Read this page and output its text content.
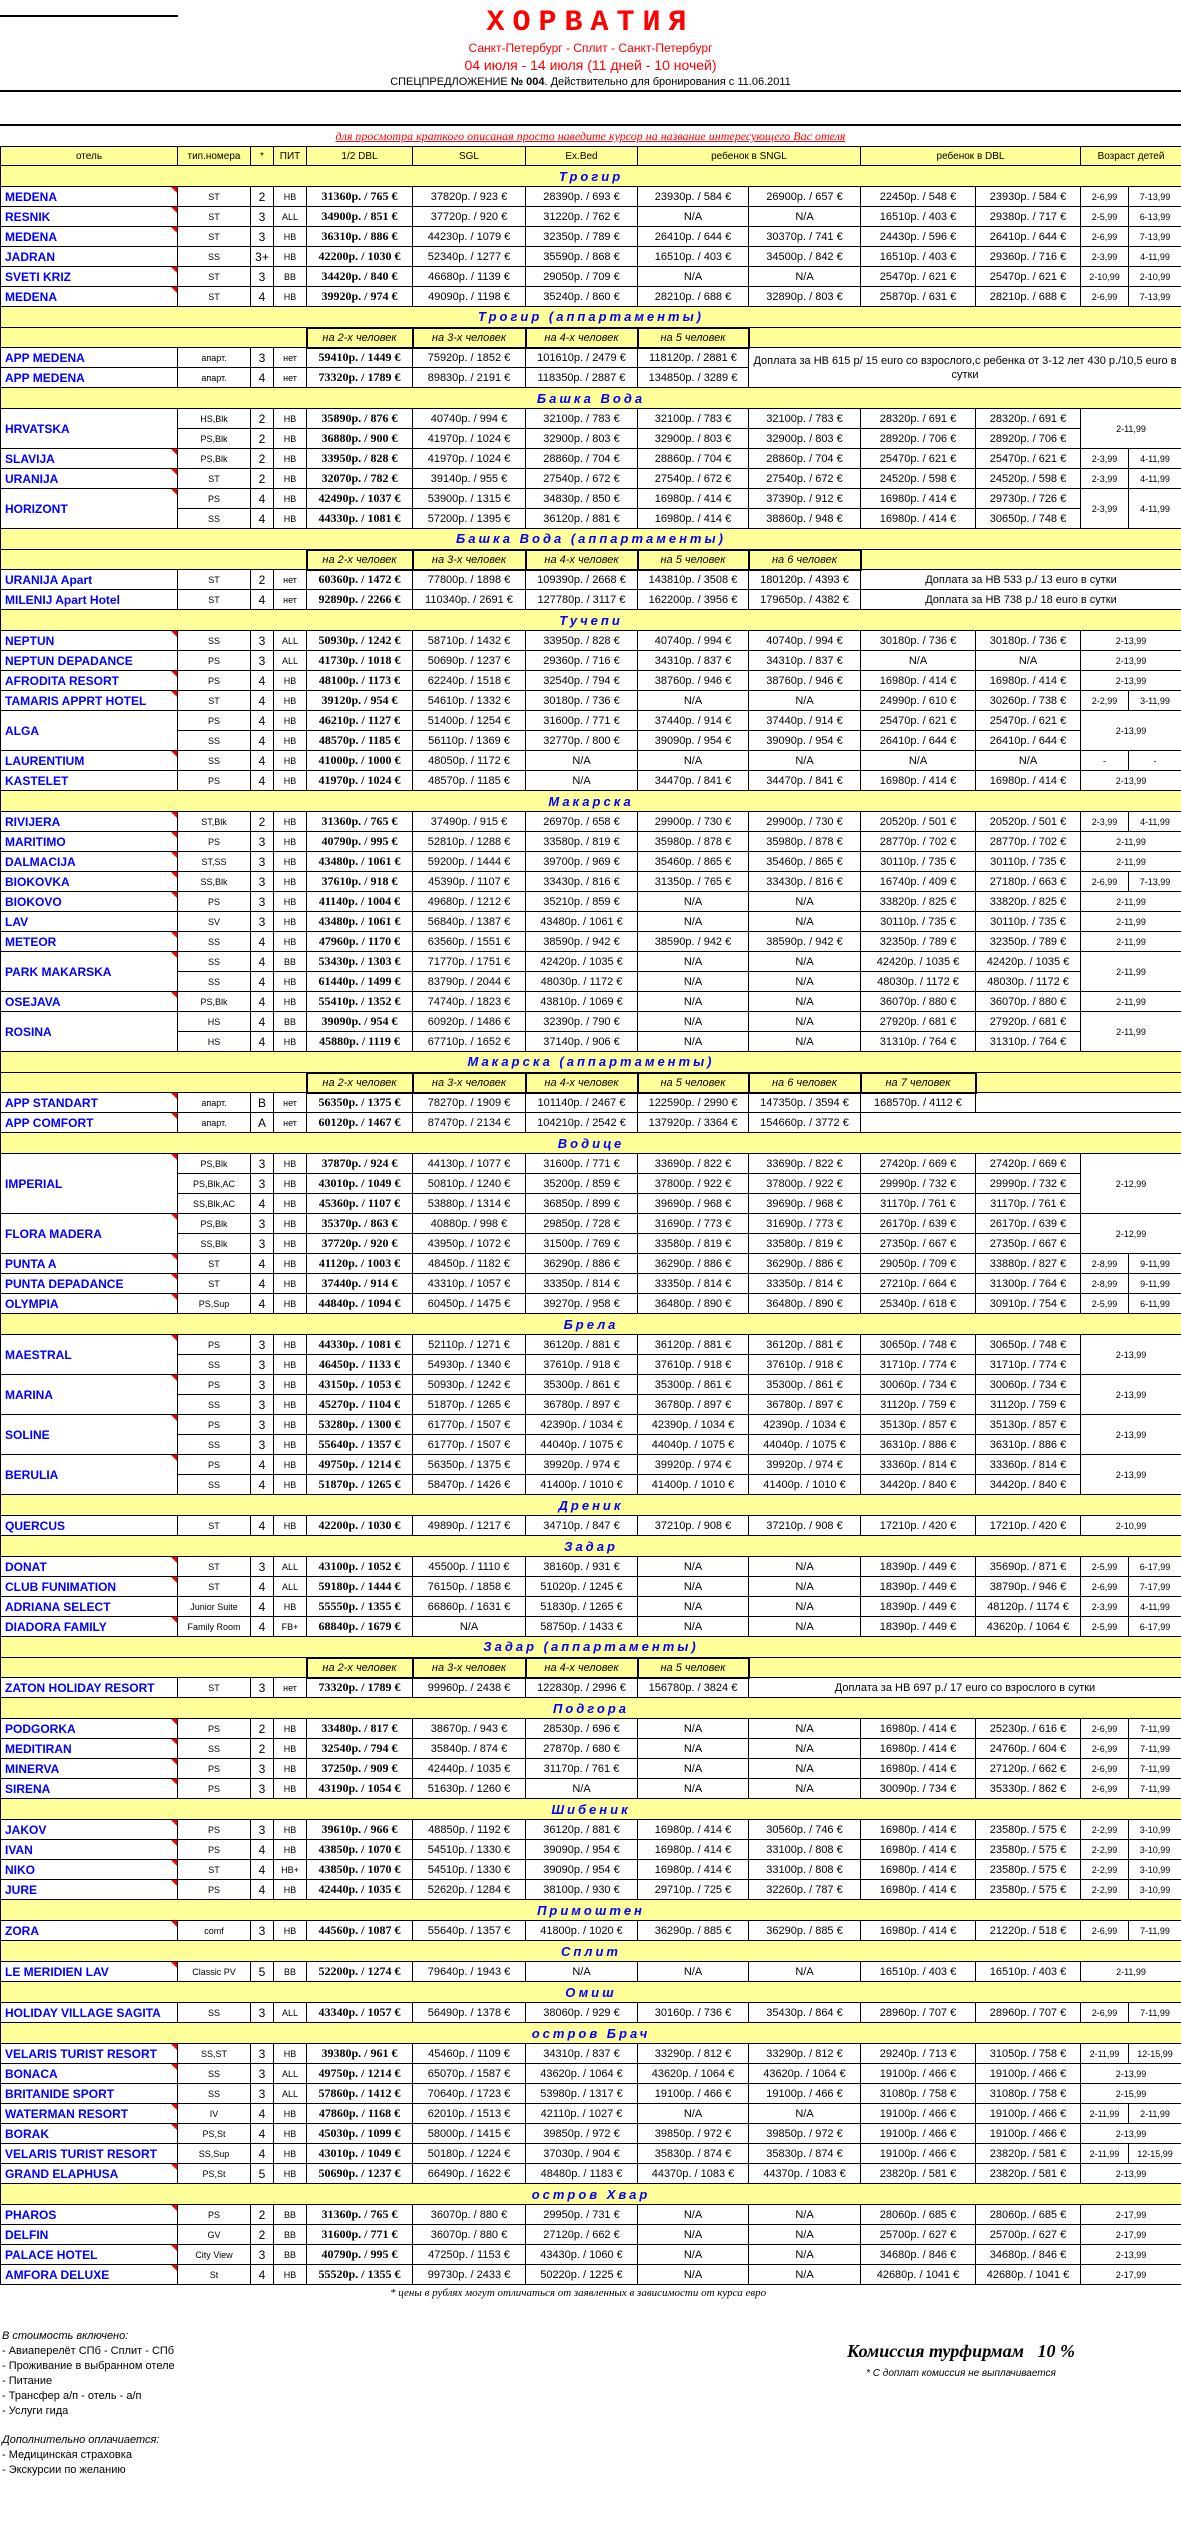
ХОРВАТИЯ
Санкт-Петербург - Сплит - Санкт-Петербург
04 июля - 14 июля (11 дней - 10 ночей)
СПЕЦПРЕДЛОЖЕНИЕ № 004. Действительно для бронирования с 11.06.2011
для просмотра краткого описаная просто наведите курсор на название интересующего Вас отеля
отель	тип.номера	*	ПИТ	1/2 DBL	SGL	Ex.Bed	ребенок в SNGL		ребенок в DBL		Возраст детей	
Трогир												
MEDENA	ST	2	HB	31360р. / 765 €	37820р. / 923 €	28390р. / 693 €	23930р. / 584 €	26900р. / 657 €	22450р. / 548 €	23930р. / 584 €	2-6,99	7-13,99
RESNIK	ST	3	ALL	34900р. / 851 €	37720р. / 920 €	31220р. / 762 €	N/A	N/A	16510р. / 403 €	29380р. / 717 €	2-5,99	6-13,99
MEDENA	ST	3	HB	36310р. / 886 €	44230р. / 1079 €	32350р. / 789 €	26410р. / 644 €	30370р. / 741 €	24430р. / 596 €	26410р. / 644 €	2-6,99	7-13,99
JADRAN	SS	3+	HB	42200р. / 1030 €	52340р. / 1277 €	35590р. / 868 €	16510р. / 403 €	34500р. / 842 €	16510р. / 403 €	29360р. / 716 €	2-3,99	4-11,99
SVETI KRIZ	ST	3	BB	34420р. / 840 €	46680р. / 1139 €	29050р. / 709 €	N/A	N/A	25470р. / 621 €	25470р. / 621 €	2-10,99	2-10,99
MEDENA	ST	4	HB	39920р. / 974 €	49090р. / 1198 €	35240р. / 860 €	28210р. / 688 €	32890р. / 803 €	25870р. / 631 €	28210р. / 688 €	2-6,99	7-13,99
Трогир (аппартаменты)												
				на 2-х человек	на 3-х человек	на 4-х человек	на 5 человек					
APP MEDENA	апарт.	3	нет	59410р. / 1449 €	75920р. / 1852 €	101610р. / 2479 €	118120р. / 2881 €	Доплата за HB 615 р/ 15 euro со взрослого,с ребенка от 3-12 лет 430 р./10,5 euro в сутки				
APP MEDENA	апарт.	4	нет	73320р. / 1789 €	89830р. / 2191 €	118350р. / 2887 €	134850р. / 3289 €					
Башка Вода												
HRVATSKA	HS,Blk	2	HB	35890р. / 876 €	40740р. / 994 €	32100р. / 783 €	32100р. / 783 €	32100р. / 783 €	28320р. / 691 €	28320р. / 691 €	2-11,99	
	PS,Blk	2	HB	36880р. / 900 €	41970р. / 1024 €	32900р. / 803 €	32900р. / 803 €	32900р. / 803 €	28920р. / 706 €	28920р. / 706 €		
SLAVIJA	PS,Blk	2	HB	33950р. / 828 €	41970р. / 1024 €	28860р. / 704 €	28860р. / 704 €	28860р. / 704 €	25470р. / 621 €	25470р. / 621 €	2-3,99	4-11,99
URANIJA	ST	2	HB	32070р. / 782 €	39140р. / 955 €	27540р. / 672 €	27540р. / 672 €	27540р. / 672 €	24520р. / 598 €	24520р. / 598 €	2-3,99	4-11,99
HORIZONT	PS	4	HB	42490р. / 1037 €	53900р. / 1315 €	34830р. / 850 €	16980р. / 414 €	37390р. / 912 €	16980р. / 414 €	29730р. / 726 €	2-3,99	4-11,99
	SS	4	HB	44330р. / 1081 €	57200р. / 1395 €	36120р. / 881 €	16980р. / 414 €	38860р. / 948 €	16980р. / 414 €	30650р. / 748 €		
Башка Вода (аппартаменты)												
				на 2-х человек	на 3-х человек	на 4-х человек	на 5 человек	на 6 человек				
URANIJA Apart	ST	2	нет	60360р. / 1472 €	77800р. / 1898 €	109390р. / 2668 €	143810р. / 3508 €	180120р. / 4393 €	Доплата за HB 533 р./ 13 euro в сутки			
MILENIJ Apart Hotel	ST	4	нет	92890р. / 2266 €	110340р. / 2691 €	127780р. / 3117 €	162200р. / 3956 €	179650р. / 4382 €	Доплата за HB 738 р./ 18 euro в сутки			
Тучепи												
NEPTUN	SS	3	ALL	50930р. / 1242 €	58710р. / 1432 €	33950р. / 828 €	40740р. / 994 €	40740р. / 994 €	30180р. / 736 €	30180р. / 736 €	2-13,99	
NEPTUN DEPADANCE	PS	3	ALL	41730р. / 1018 €	50690р. / 1237 €	29360р. / 716 €	34310р. / 837 €	34310р. / 837 €	N/A	N/A	2-13,99	
AFRODITA RESORT	PS	4	HB	48100р. / 1173 €	62240р. / 1518 €	32540р. / 794 €	38760р. / 946 €	38760р. / 946 €	16980р. / 414 €	16980р. / 414 €	2-13,99	
TAMARIS APPRT HOTEL	ST	4	HB	39120р. / 954 €	54610р. / 1332 €	30180р. / 736 €	N/A	N/A	24990р. / 610 €	30260р. / 738 €	2-2,99	3-11,99
ALGA	PS	4	HB	46210р. / 1127 €	51400р. / 1254 €	31600р. / 771 €	37440р. / 914 €	37440р. / 914 €	25470р. / 621 €	25470р. / 621 €	2-13,99	
	SS	4	HB	48570р. / 1185 €	56110р. / 1369 €	32770р. / 800 €	39090р. / 954 €	39090р. / 954 €	26410р. / 644 €	26410р. / 644 €		
LAURENTIUM	SS	4	HB	41000р. / 1000 €	48050р. / 1172 €	N/A	N/A	N/A	N/A	N/A	-	-
KASTELET	PS	4	HB	41970р. / 1024 €	48570р. / 1185 €	N/A	34470р. / 841 €	34470р. / 841 €	16980р. / 414 €	16980р. / 414 €	2-13,99	
Макарска												
RIVIJERA	ST,Blk	2	HB	31360р. / 765 €	37490р. / 915 €	26970р. / 658 €	29900р. / 730 €	29900р. / 730 €	20520р. / 501 €	20520р. / 501 €	2-3,99	4-11,99
MARITIMO	PS	3	HB	40790р. / 995 €	52810р. / 1288 €	33580р. / 819 €	35980р. / 878 €	35980р. / 878 €	28770р. / 702 €	28770р. / 702 €	2-11,99	
DALMACIJA	ST,SS	3	HB	43480р. / 1061 €	59200р. / 1444 €	39700р. / 969 €	35460р. / 865 €	35460р. / 865 €	30110р. / 735 €	30110р. / 735 €	2-11,99	
BIOKOVKA	SS,Blk	3	HB	37610р. / 918 €	45390р. / 1107 €	33430р. / 816 €	31350р. / 765 €	33430р. / 816 €	16740р. / 409 €	27180р. / 663 €	2-6,99	7-13,99
BIOKOVO	PS	3	HB	41140р. / 1004 €	49680р. / 1212 €	35210р. / 859 €	N/A	N/A	33820р. / 825 €	33820р. / 825 €	2-11,99	
LAV	SV	3	HB	43480р. / 1061 €	56840р. / 1387 €	43480р. / 1061 €	N/A	N/A	30110р. / 735 €	30110р. / 735 €	2-11,99	
METEOR	SS	4	HB	47960р. / 1170 €	63560р. / 1551 €	38590р. / 942 €	38590р. / 942 €	38590р. / 942 €	32350р. / 789 €	32350р. / 789 €	2-11,99	
PARK MAKARSKA	SS	4	BB	53430р. / 1303 €	71770р. / 1751 €	42420р. / 1035 €	N/A	N/A	42420р. / 1035 €	42420р. / 1035 €	2-11,99	
	SS	4	HB	61440р. / 1499 €	83790р. / 2044 €	48030р. / 1172 €	N/A	N/A	48030р. / 1172 €	48030р. / 1172 €		
OSEJAVA	PS,Blk	4	HB	55410р. / 1352 €	74740р. / 1823 €	43810р. / 1069 €	N/A	N/A	36070р. / 880 €	36070р. / 880 €	2-11,99	
ROSINA	HS	4	BB	39090р. / 954 €	60920р. / 1486 €	32390р. / 790 €	N/A	N/A	27920р. / 681 €	27920р. / 681 €	2-11,99	
	HS	4	HB	45880р. / 1119 €	67710р. / 1652 €	37140р. / 906 €	N/A	N/A	31310р. / 764 €	31310р. / 764 €		
Макарска (аппартаменты)												
				на 2-х человек	на 3-х человек	на 4-х человек	на 5 человек	на 6 человек	на 7 человек			
APP STANDART	апарт.	B	нет	56350р. / 1375 €	78270р. / 1909 €	101140р. / 2467 €	122590р. / 2990 €	147350р. / 3594 €	168570р. / 4112 €			
APP COMFORT	апарт.	A	нет	60120р. / 1467 €	87470р. / 2134 €	104210р. / 2542 €	137920р. / 3364 €	154660р. / 3772 €				
Водице												
IMPERIAL	PS,Blk	3	HB	37870р. / 924 €	44130р. / 1077 €	31600р. / 771 €	33690р. / 822 €	33690р. / 822 €	27420р. / 669 €	27420р. / 669 €	2-12,99	
	PS,Blk,AC	3	HB	43010р. / 1049 €	50810р. / 1240 €	35200р. / 859 €	37800р. / 922 €	37800р. / 922 €	29990р. / 732 €	29990р. / 732 €		
	SS,Blk,AC	4	HB	45360р. / 1107 €	53880р. / 1314 €	36850р. / 899 €	39690р. / 968 €	39690р. / 968 €	31170р. / 761 €	31170р. / 761 €		
FLORA MADERA	PS,Blk	3	HB	35370р. / 863 €	40880р. / 998 €	29850р. / 728 €	31690р. / 773 €	31690р. / 773 €	26170р. / 639 €	26170р. / 639 €	2-12,99	
	SS,Blk	3	HB	37720р. / 920 €	43950р. / 1072 €	31500р. / 769 €	33580р. / 819 €	33580р. / 819 €	27350р. / 667 €	27350р. / 667 €		
PUNTA A	ST	4	HB	41120р. / 1003 €	48450р. / 1182 €	36290р. / 886 €	36290р. / 886 €	36290р. / 886 €	29050р. / 709 €	33880р. / 827 €	2-8,99	9-11,99
PUNTA DEPADANCE	ST	4	HB	37440р. / 914 €	43310р. / 1057 €	33350р. / 814 €	33350р. / 814 €	33350р. / 814 €	27210р. / 664 €	31300р. / 764 €	2-8,99	9-11,99
OLYMPIA	PS,Sup	4	HB	44840р. / 1094 €	60450р. / 1475 €	39270р. / 958 €	36480р. / 890 €	36480р. / 890 €	25340р. / 618 €	30910р. / 754 €	2-5,99	6-11,99
Брела												
MAESTRAL	PS	3	HB	44330р. / 1081 €	52110р. / 1271 €	36120р. / 881 €	36120р. / 881 €	36120р. / 881 €	30650р. / 748 €	30650р. / 748 €	2-13,99	
	SS	3	HB	46450р. / 1133 €	54930р. / 1340 €	37610р. / 918 €	37610р. / 918 €	37610р. / 918 €	31710р. / 774 €	31710р. / 774 €		
MARINA	PS	3	HB	43150р. / 1053 €	50930р. / 1242 €	35300р. / 861 €	35300р. / 861 €	35300р. / 861 €	30060р. / 734 €	30060р. / 734 €	2-13,99	
	SS	3	HB	45270р. / 1104 €	51870р. / 1265 €	36780р. / 897 €	36780р. / 897 €	36780р. / 897 €	31120р. / 759 €	31120р. / 759 €		
SOLINE	PS	3	HB	53280р. / 1300 €	61770р. / 1507 €	42390р. / 1034 €	42390р. / 1034 €	42390р. / 1034 €	35130р. / 857 €	35130р. / 857 €	2-13,99	
	SS	3	HB	55640р. / 1357 €	61770р. / 1507 €	44040р. / 1075 €	44040р. / 1075 €	44040р. / 1075 €	36310р. / 886 €	36310р. / 886 €		
BERULIA	PS	4	HB	49750р. / 1214 €	56350р. / 1375 €	39920р. / 974 €	39920р. / 974 €	39920р. / 974 €	33360р. / 814 €	33360р. / 814 €	2-13,99	
	SS	4	HB	51870р. / 1265 €	58470р. / 1426 €	41400р. / 1010 €	41400р. / 1010 €	41400р. / 1010 €	34420р. / 840 €	34420р. / 840 €		
Дреник												
QUERCUS	ST	4	HB	42200р. / 1030 €	49890р. / 1217 €	34710р. / 847 €	37210р. / 908 €	37210р. / 908 €	17210р. / 420 €	17210р. / 420 €	2-10,99	
Задар												
DONAT	ST	3	ALL	43100р. / 1052 €	45500р. / 1110 €	38160р. / 931 €	N/A	N/A	18390р. / 449 €	35690р. / 871 €	2-5,99	6-17,99
CLUB FUNIMATION	ST	4	ALL	59180р. / 1444 €	76150р. / 1858 €	51020р. / 1245 €	N/A	N/A	18390р. / 449 €	38790р. / 946 €	2-6,99	7-17,99
ADRIANA SELECT	Junior Suite	4	HB	55550р. / 1355 €	66860р. / 1631 €	51830р. / 1265 €	N/A	N/A	18390р. / 449 €	48120р. / 1174 €	2-3,99	4-11,99
DIADORA FAMILY	Family Room	4	FB+	68840р. / 1679 €	N/A	58750р. / 1433 €	N/A	N/A	18390р. / 449 €	43620р. / 1064 €	2-5,99	6-17,99
Задар (аппартаменты)												
				на 2-х человек	на 3-х человек	на 4-х человек	на 5 человек					
ZATON HOLIDAY RESORT	ST	3	нет	73320р. / 1789 €	99960р. / 2438 €	122830р. / 2996 €	156780р. / 3824 €	Доплата за HB 697 р./ 17 euro со взрослого в сутки				
Подгора												
PODGORKA	PS	2	HB	33480р. / 817 €	38670р. / 943 €	28530р. / 696 €	N/A	N/A	16980р. / 414 €	25230р. / 616 €	2-6,99	7-11,99
MEDITIRAN	SS	2	HB	32540р. / 794 €	35840р. / 874 €	27870р. / 680 €	N/A	N/A	16980р. / 414 €	24760р. / 604 €	2-6,99	7-11,99
MINERVA	PS	3	HB	37250р. / 909 €	42440р. / 1035 €	31170р. / 761 €	N/A	N/A	16980р. / 414 €	27120р. / 662 €	2-6,99	7-11,99
SIRENA	PS	3	HB	43190р. / 1054 €	51630р. / 1260 €	N/A	N/A	N/A	30090р. / 734 €	35330р. / 862 €	2-6,99	7-11,99
Шибеник												
JAKOV	PS	3	HB	39610р. / 966 €	48850р. / 1192 €	36120р. / 881 €	16980р. / 414 €	30560р. / 746 €	16980р. / 414 €	23580р. / 575 €	2-2,99	3-10,99
IVAN	PS	4	HB	43850р. / 1070 €	54510р. / 1330 €	39090р. / 954 €	16980р. / 414 €	33100р. / 808 €	16980р. / 414 €	23580р. / 575 €	2-2,99	3-10,99
NIKO	ST	4	HB+	43850р. / 1070 €	54510р. / 1330 €	39090р. / 954 €	16980р. / 414 €	33100р. / 808 €	16980р. / 414 €	23580р. / 575 €	2-2,99	3-10,99
JURE	PS	4	HB	42440р. / 1035 €	52620р. / 1284 €	38100р. / 930 €	29710р. / 725 €	32260р. / 787 €	16980р. / 414 €	23580р. / 575 €	2-2,99	3-10,99
Примоштен												
ZORA	comf	3	HB	44560р. / 1087 €	55640р. / 1357 €	41800р. / 1020 €	36290р. / 885 €	36290р. / 885 €	16980р. / 414 €	21220р. / 518 €	2-6,99	7-11,99
Сплит												
LE MERIDIEN LAV	Classic PV	5	BB	52200р. / 1274 €	79640р. / 1943 €	N/A	N/A	N/A	16510р. / 403 €	16510р. / 403 €	2-11,99	
Омиш												
HOLIDAY VILLAGE SAGITA	SS	3	ALL	43340р. / 1057 €	56490р. / 1378 €	38060р. / 929 €	30160р. / 736 €	35430р. / 864 €	28960р. / 707 €	28960р. / 707 €	2-6,99	7-11,99
остров Брач												
VELARIS TURIST RESORT	SS,ST	3	HB	39380р. / 961 €	45460р. / 1109 €	34310р. / 837 €	33290р. / 812 €	33290р. / 812 €	29240р. / 713 €	31050р. / 758 €	2-11,99	12-15,99
BONACA	SS	3	ALL	49750р. / 1214 €	65070р. / 1587 €	43620р. / 1064 €	43620р. / 1064 €	43620р. / 1064 €	19100р. / 466 €	19100р. / 466 €	2-13,99	
BRITANIDE SPORT	SS	3	ALL	57860р. / 1412 €	70640р. / 1723 €	53980р. / 1317 €	19100р. / 466 €	19100р. / 466 €	31080р. / 758 €	31080р. / 758 €	2-15,99	
WATERMAN RESORT	IV	4	HB	47860р. / 1168 €	62010р. / 1513 €	42110р. / 1027 €	N/A	N/A	19100р. / 466 €	19100р. / 466 €	2-11,99	2-11,99
BORAK	PS,St	4	HB	45030р. / 1099 €	58000р. / 1415 €	39850р. / 972 €	39850р. / 972 €	39850р. / 972 €	19100р. / 466 €	19100р. / 466 €	2-13,99	
VELARIS TURIST RESORT	SS,Sup	4	HB	43010р. / 1049 €	50180р. / 1224 €	37030р. / 904 €	35830р. / 874 €	35830р. / 874 €	19100р. / 466 €	23820р. / 581 €	2-11,99	12-15,99
GRAND ELAPHUSA	PS,St	5	HB	50690р. / 1237 €	66490р. / 1622 €	48480р. / 1183 €	44370р. / 1083 €	44370р. / 1083 €	23820р. / 581 €	23820р. / 581 €	2-13,99	
остров Хвар												
PHAROS	PS	2	BB	31360р. / 765 €	36070р. / 880 €	29950р. / 731 €	N/A	N/A	28060р. / 685 €	28060р. / 685 €	2-17,99	
DELFIN	GV	2	BB	31600р. / 771 €	36070р. / 880 €	27120р. / 662 €	N/A	N/A	25700р. / 627 €	25700р. / 627 €	2-17,99	
PALACE HOTEL	City View	3	BB	40790р. / 995 €	47250р. / 1153 €	43430р. / 1060 €	N/A	N/A	34680р. / 846 €	34680р. / 846 €	2-13,99	
AMFORA DELUXE	St	4	HB	55520р. / 1355 €	99730р. / 2433 €	50220р. / 1225 €	N/A	N/A	42680р. / 1041 €	42680р. / 1041 €	2-17,99	
* цены в рублях могут отличаться от заявленных в зависимости от курса евро
В стоимость включено:
- Авиаперелёт СПб - Сплит - СПб
- Проживание в выбранном отеле
- Питание
- Трансфер а/п - отель - а/п
- Услуги гида
Дополнительно оплачиается:
- Медицинская страховка
- Экскурсии по желанию
Комиссия турфирмам 10 %
* С доплат комиссия не выплачивается
